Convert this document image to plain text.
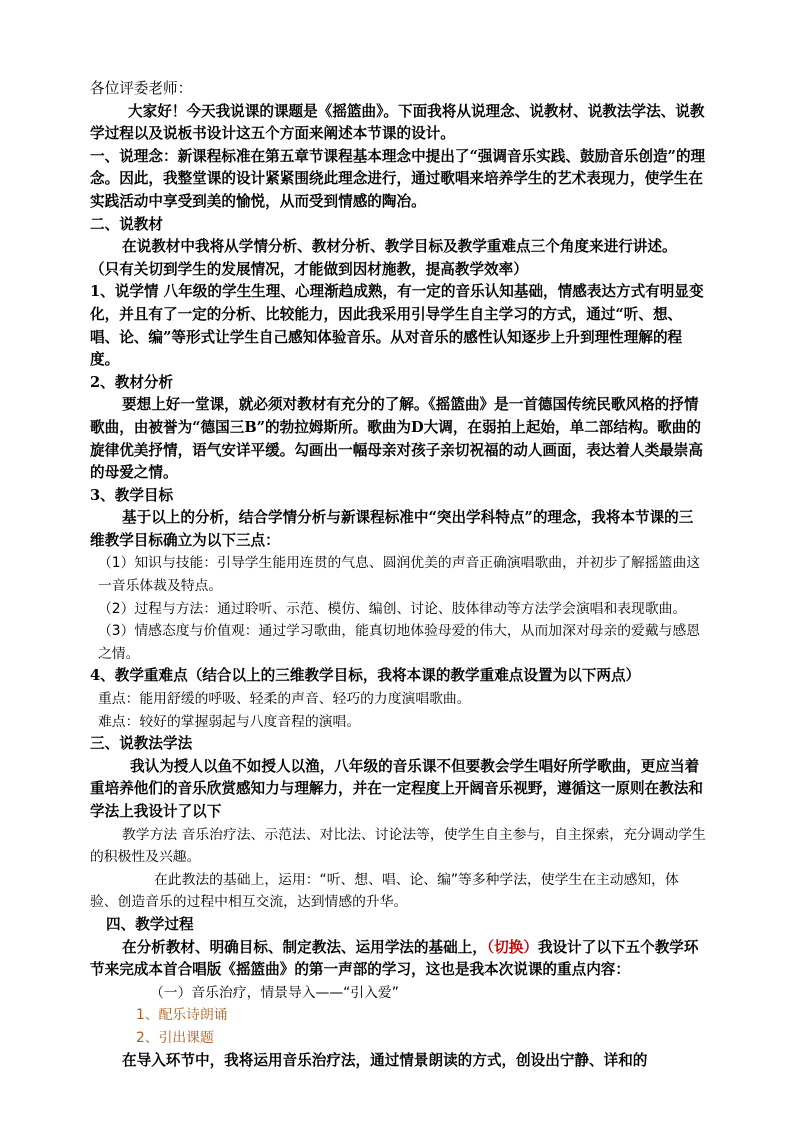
各位评委老师：

大家好！今天我说课的课题是《摇篮曲》。下面我将从说理念、说教材、说教法学法、说教学过程以及说板书设计这五个方面来阐述本节课的设计。

一、说理念：新课程标准在第五章节课程基本理念中提出了“强调音乐实践、鼓励音乐创造”的理念。因此，我整堂课的设计紧紧围绕此理念进行，通过歌唱来培养学生的艺术表现力，使学生在实践活动中享受到美的愉悦，从而受到情感的陶冶。

二、说教材

在说教材中我将从学情分析、教材分析、教学目标及教学重难点三个角度来进行讲述。

（只有关切到学生的发展情况，才能做到因材施教，提高教学效率）

1、说学情 八年级的学生生理、心理渐趋成熟，有一定的音乐认知基础，情感表达方式有明显变化，并且有了一定的分析、比较能力，因此我采用引导学生自主学习的方式，通过“听、想、唱、论、编”等形式让学生自己感知体验音乐。从对音乐的感性认知逐步上升到理性理解的程度。

2、教材分析

要想上好一堂课，就必须对教材有充分的了解。《摇篮曲》是一首德国传统民歌风格的抒情歌曲，由被誉为“德国三B”的勃拉姆斯所。歌曲为D大调，在弱拍上起始，单二部结构。歌曲的旋律优美抒情，语气安详平缓。勾画出一幅母亲对孩子亲切祝福的动人画面，表达着人类最崇高的母爱之情。

3、教学目标

基于以上的分析，结合学情分析与新课程标准中“突出学科特点”的理念，我将本节课的三维教学目标确立为以下三点：

（1）知识与技能：引导学生能用连贯的气息、圆润优美的声音正确演唱歌曲，并初步了解摇篮曲这一音乐体裁及特点。

（2）过程与方法：通过聆听、示范、模仿、编创、讨论、肢体律动等方法学会演唱和表现歌曲。

（3）情感态度与价值观：通过学习歌曲，能真切地体验母爱的伟大，从而加深对母亲的爱戴与感恩之情。

4、教学重难点（结合以上的三维教学目标，我将本课的教学重难点设置为以下两点）

重点：能用舒缓的呼吸、轻柔的声音、轻巧的力度演唱歌曲。

难点：较好的掌握弱起与八度音程的演唱。

三、说教法学法

我认为授人以鱼不如授人以渔，八年级的音乐课不但要教会学生唱好所学歌曲，更应当着重培养他们的音乐欣赏感知力与理解力，并在一定程度上开阔音乐视野，遵循这一原则在教法和学法上我设计了以下

教学方法 音乐治疗法、示范法、对比法、讨论法等，使学生自主参与，自主探索，充分调动学生的积极性及兴趣。

在此教法的基础上，运用：“听、想、唱、论、编”等多种学法，使学生在主动感知，体验、创造音乐的过程中相互交流，达到情感的升华。

四、教学过程

在分析教材、明确目标、制定教法、运用学法的基础上，（切换）我设计了以下五个教学环节来完成本首合唱版《摇篮曲》的第一声部的学习，这也是我本次说课的重点内容：

（一）音乐治疗，情景导入——“引入爱”

1、配乐诗朗诵

2、引出课题

在导入环节中，我将运用音乐治疗法，通过情景朗读的方式，创设出宁静、详和的
